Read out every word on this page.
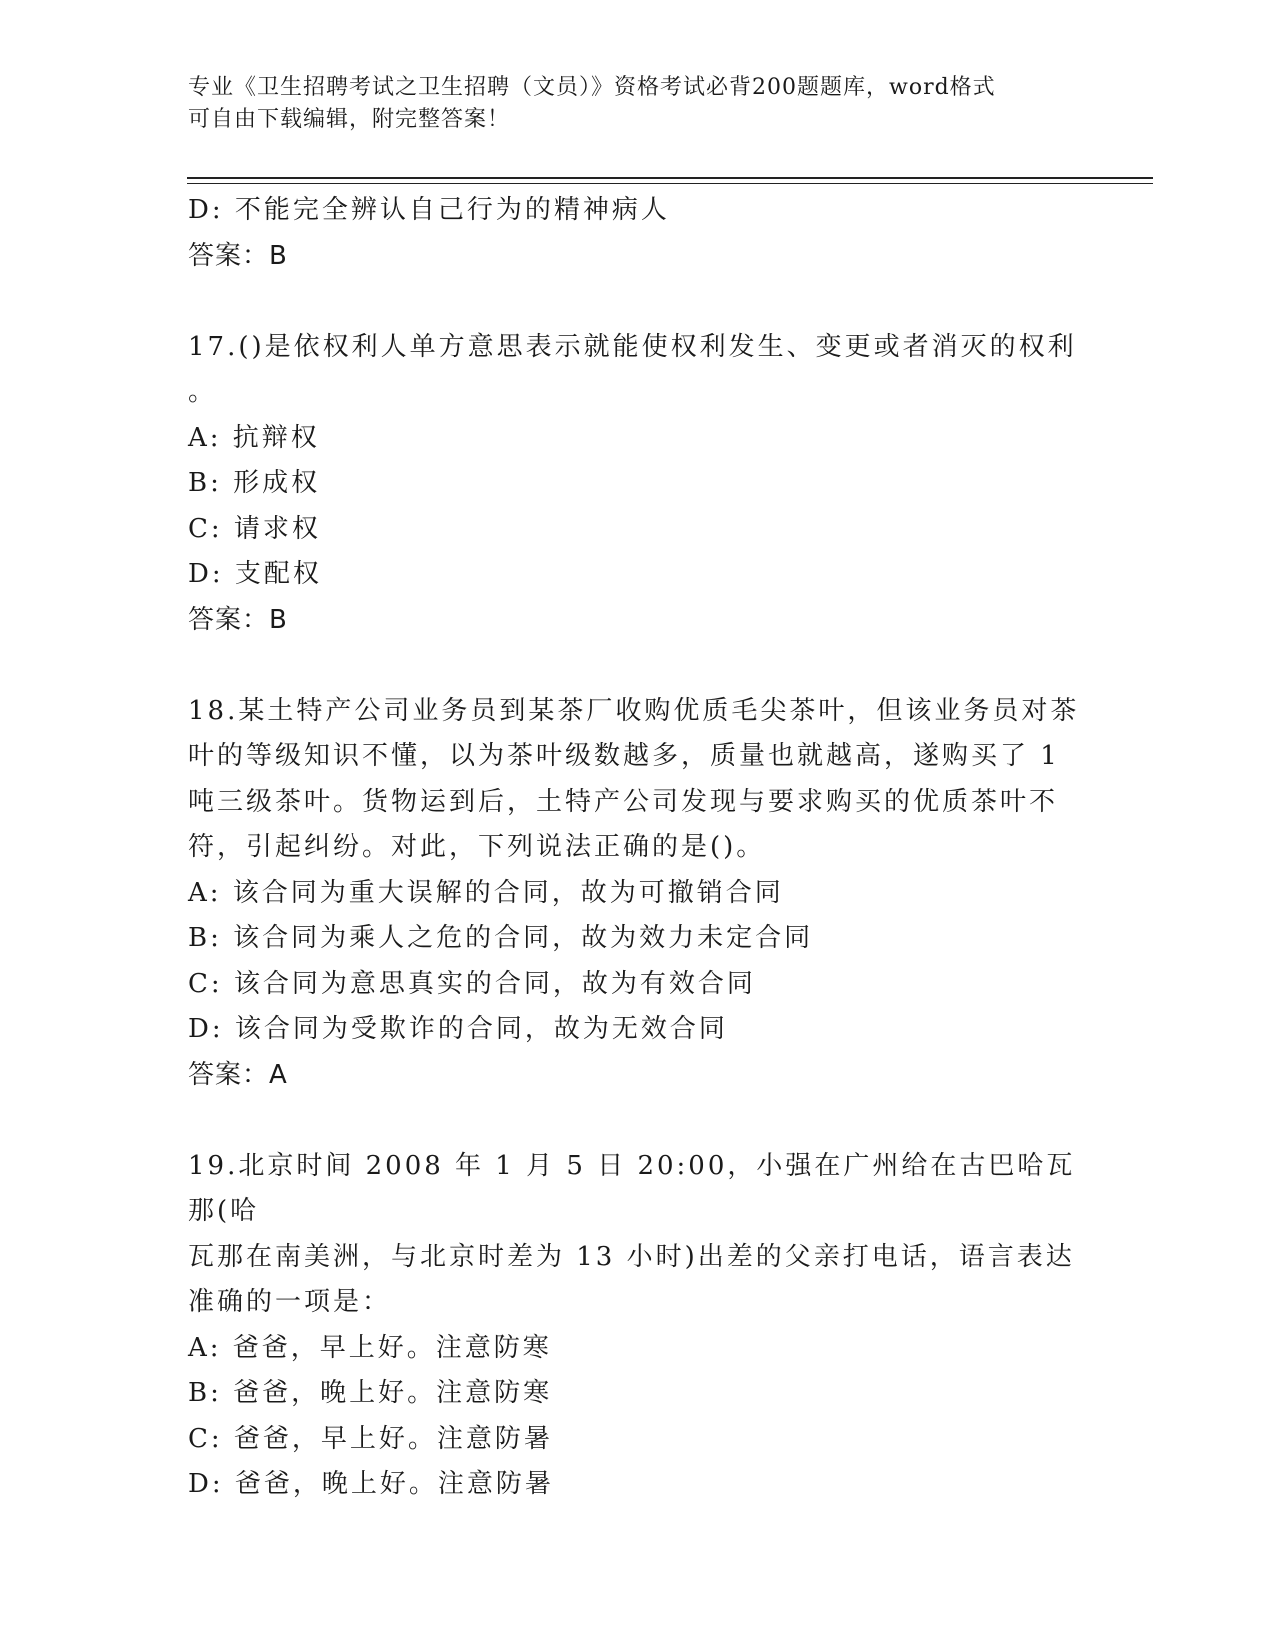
专业《卫生招聘考试之卫生招聘（文员）》资格考试必背200题题库，word格式
可自由下载编辑，附完整答案！

D: 不能完全辨认自己行为的精神病人

答案：B

17.()是依权利人单方意思表示就能使权利发生、变更或者消灭的权利

。

A: 抗辩权

B: 形成权

C: 请求权

D: 支配权

答案：B

18.某土特产公司业务员到某茶厂收购优质毛尖茶叶，但该业务员对茶

叶的等级知识不懂，以为茶叶级数越多，质量也就越高，遂购买了 1

吨三级茶叶。货物运到后，土特产公司发现与要求购买的优质茶叶不

符，引起纠纷。对此，下列说法正确的是()。

A: 该合同为重大误解的合同，故为可撤销合同

B: 该合同为乘人之危的合同，故为效力未定合同

C: 该合同为意思真实的合同，故为有效合同

D: 该合同为受欺诈的合同，故为无效合同

答案：A

19.北京时间 2008 年 1 月 5 日 20:00，小强在广州给在古巴哈瓦那(哈

瓦那在南美洲，与北京时差为 13 小时)出差的父亲打电话，语言表达

准确的一项是：

A: 爸爸，早上好。注意防寒

B: 爸爸，晚上好。注意防寒

C: 爸爸，早上好。注意防暑

D: 爸爸，晚上好。注意防暑
